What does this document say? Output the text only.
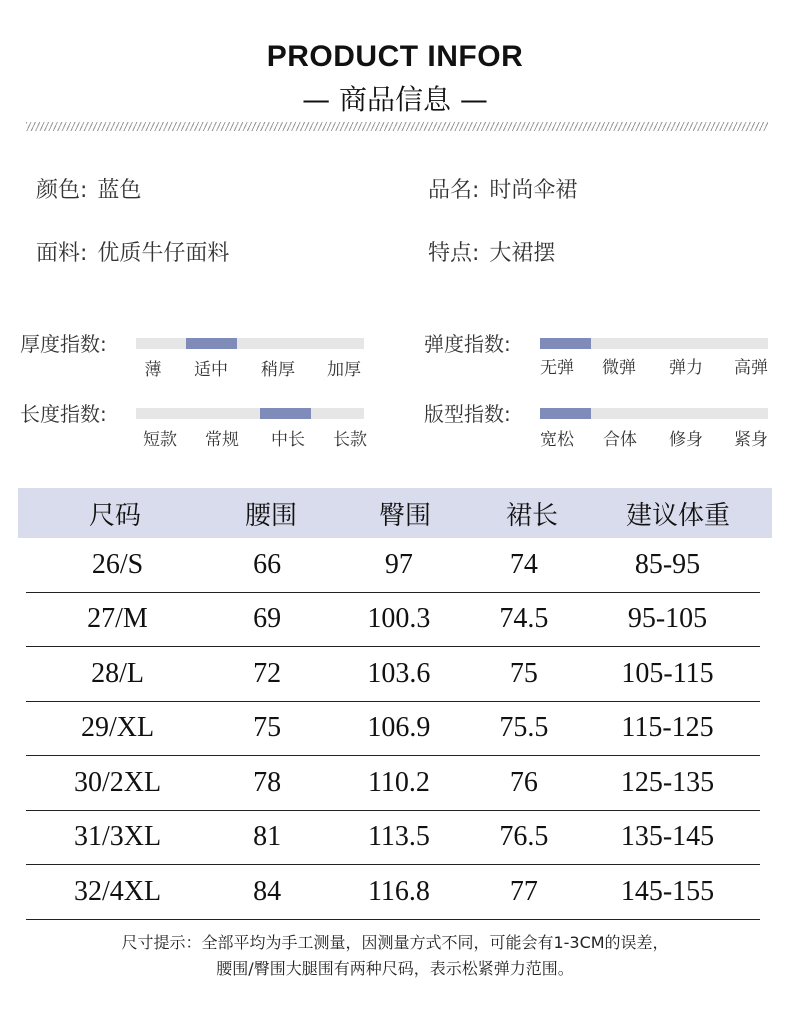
PRODUCT INFOR
— 商品信息 —
颜色: 蓝色	品名: 时尚伞裙
面料: 优质牛仔面料	特点: 大裙摆
厚度指数:
薄 适中 稍厚 加厚
弹度指数:
无弹 微弹 弹力 高弹
长度指数:
短款 常规 中长 长款
版型指数:
宽松 合体 修身 紧身
尺码	腰围	臀围	裙长	建议体重
26/S	66	97	74	85-95
27/M	69	100.3	74.5	95-105
28/L	72	103.6	75	105-115
29/XL	75	106.9	75.5	115-125
30/2XL	78	110.2	76	125-135
31/3XL	81	113.5	76.5	135-145
32/4XL	84	116.8	77	145-155
尺寸提示：全部平均为手工测量，因测量方式不同，可能会有1-3CM的误差，
腰围/臀围大腿围有两种尺码，表示松紧弹力范围。
